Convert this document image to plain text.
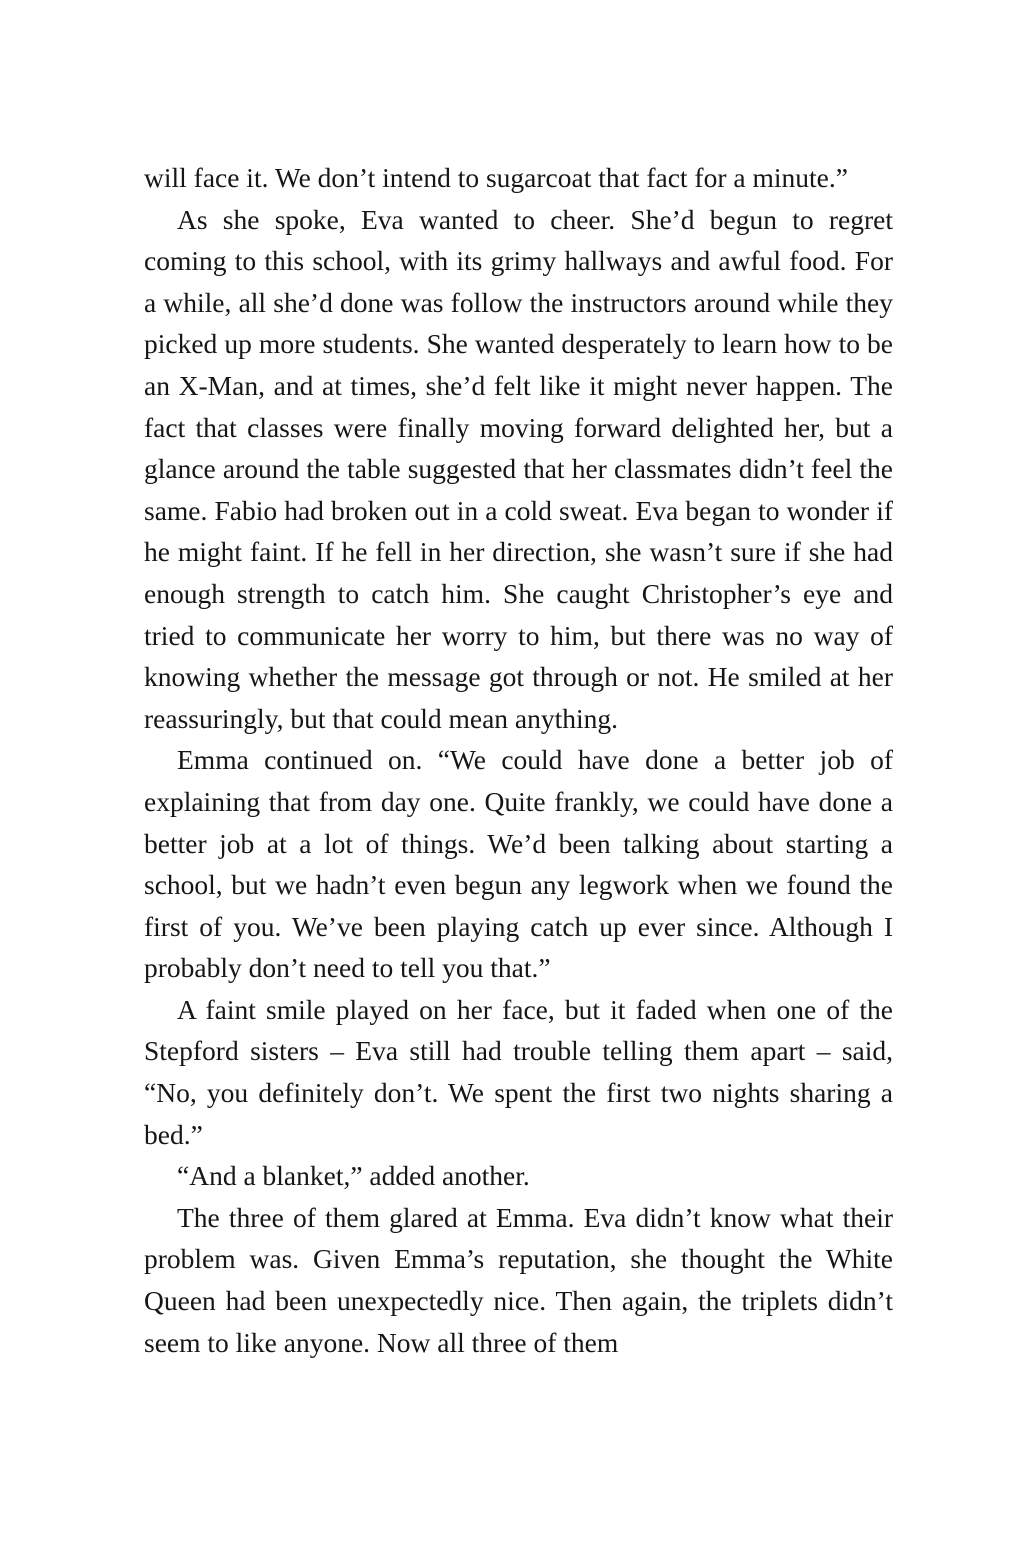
will face it. We don’t intend to sugarcoat that fact for a minute.”

As she spoke, Eva wanted to cheer. She’d begun to regret coming to this school, with its grimy hallways and awful food. For a while, all she’d done was follow the instructors around while they picked up more students. She wanted desperately to learn how to be an X-Man, and at times, she’d felt like it might never happen. The fact that classes were finally moving forward delighted her, but a glance around the table suggested that her classmates didn’t feel the same. Fabio had broken out in a cold sweat. Eva began to wonder if he might faint. If he fell in her direction, she wasn’t sure if she had enough strength to catch him. She caught Christopher’s eye and tried to communicate her worry to him, but there was no way of knowing whether the message got through or not. He smiled at her reassuringly, but that could mean anything.

Emma continued on. “We could have done a better job of explaining that from day one. Quite frankly, we could have done a better job at a lot of things. We’d been talking about starting a school, but we hadn’t even begun any legwork when we found the first of you. We’ve been playing catch up ever since. Although I probably don’t need to tell you that.”

A faint smile played on her face, but it faded when one of the Stepford sisters – Eva still had trouble telling them apart – said, “No, you definitely don’t. We spent the first two nights sharing a bed.”

“And a blanket,” added another.

The three of them glared at Emma. Eva didn’t know what their problem was. Given Emma’s reputation, she thought the White Queen had been unexpectedly nice. Then again, the triplets didn’t seem to like anyone. Now all three of them
